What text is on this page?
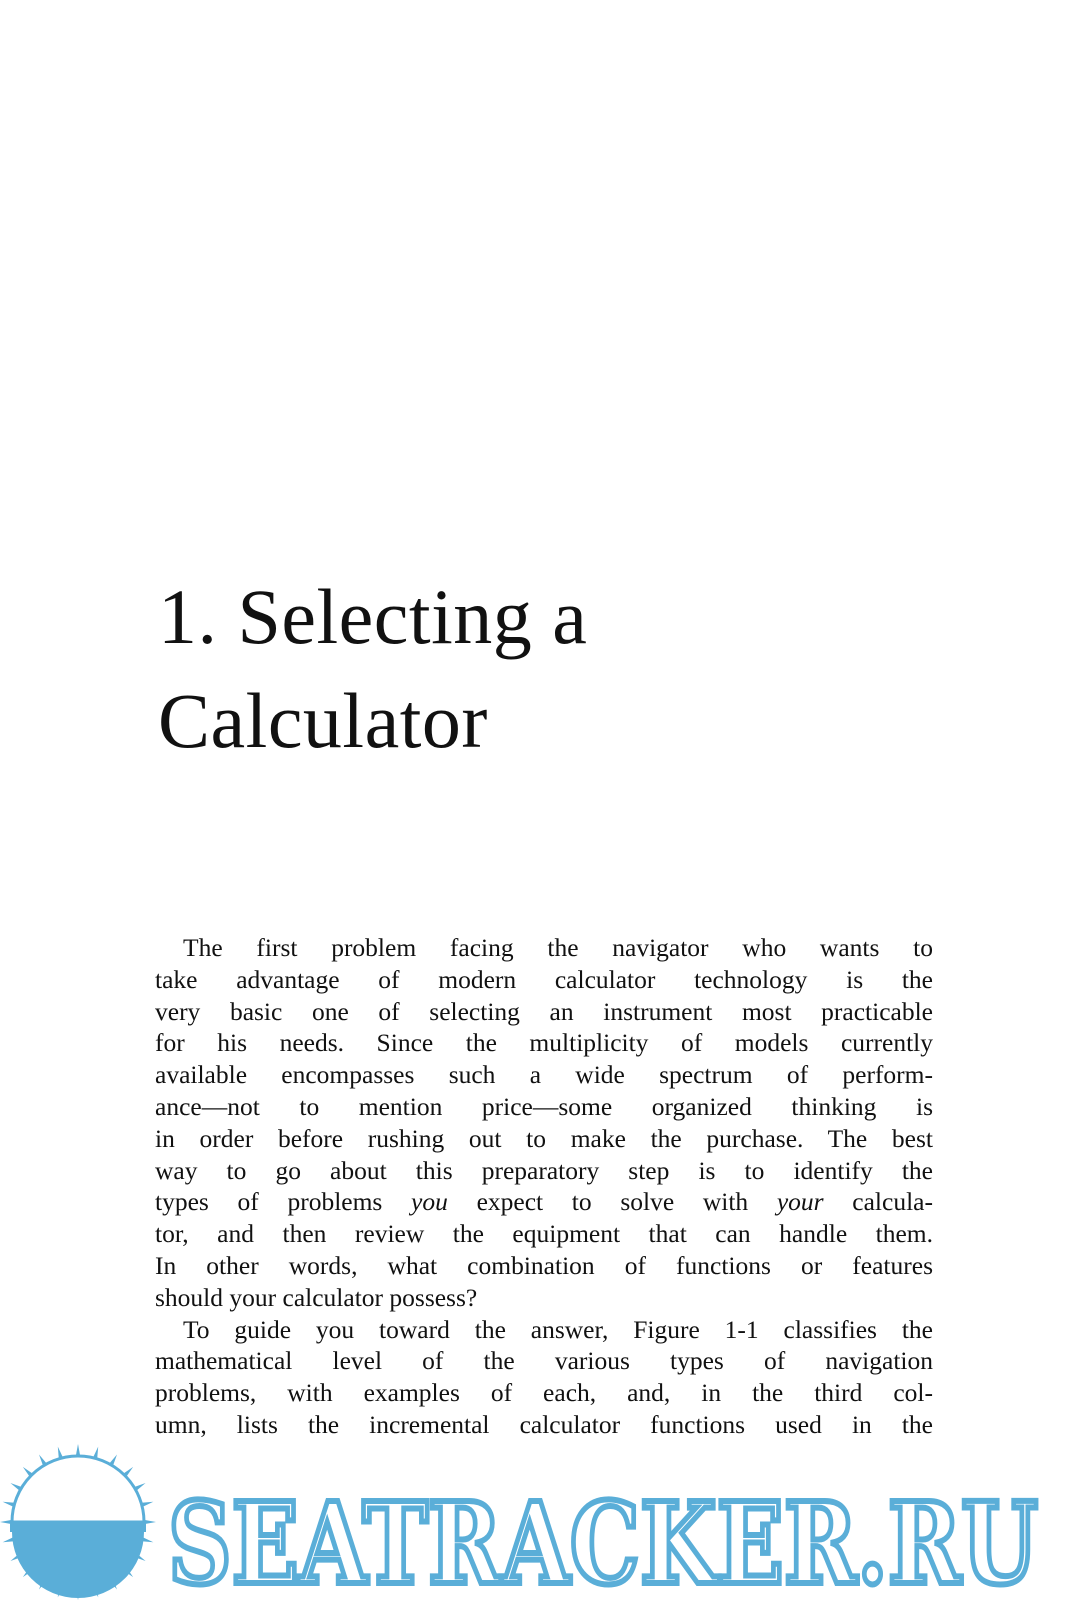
1. Selecting a
Calculator

The first problem facing the navigator who wants to
take advantage of modern calculator technology is the
very basic one of selecting an instrument most practicable
for his needs. Since the multiplicity of models currently
available encompasses such a wide spectrum of perform-
ance—not to mention price—some organized thinking is
in order before rushing out to make the purchase. The best
way to go about this preparatory step is to identify the
types of problems you expect to solve with your calcula-
tor, and then review the equipment that can handle them.
In other words, what combination of functions or features
should your calculator possess?

To guide you toward the answer, Figure 1-1 classifies the
mathematical level of the various types of navigation
problems, with examples of each, and, in the third col-
umn, lists the incremental calculator functions used in the

SEATRACKER.RU
